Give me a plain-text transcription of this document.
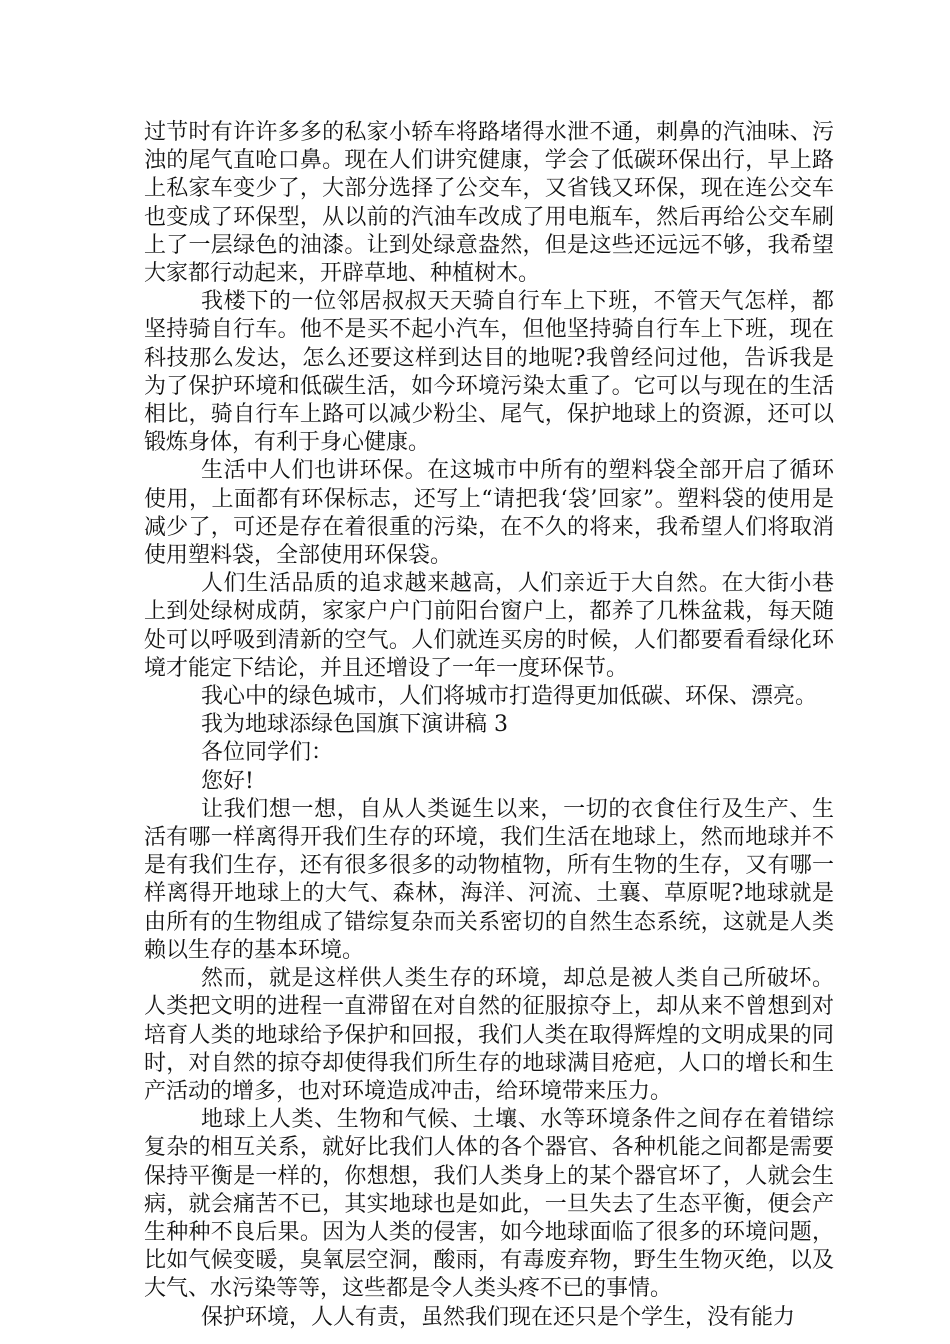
过节时有许许多多的私家小轿车将路堵得水泄不通，刺鼻的汽油味、污浊的尾气直呛口鼻。现在人们讲究健康，学会了低碳环保出行，早上路上私家车变少了，大部分选择了公交车，又省钱又环保，现在连公交车也变成了环保型，从以前的汽油车改成了用电瓶车，然后再给公交车刷上了一层绿色的油漆。让到处绿意盎然，但是这些还远远不够，我希望大家都行动起来，开辟草地、种植树木。

我楼下的一位邻居叔叔天天骑自行车上下班，不管天气怎样，都坚持骑自行车。他不是买不起小汽车，但他坚持骑自行车上下班，现在科技那么发达，怎么还要这样到达目的地呢?我曾经问过他，告诉我是为了保护环境和低碳生活，如今环境污染太重了。它可以与现在的生活相比，骑自行车上路可以减少粉尘、尾气，保护地球上的资源，还可以锻炼身体，有利于身心健康。

生活中人们也讲环保。在这城市中所有的塑料袋全部开启了循环使用，上面都有环保标志，还写上“请把我‘袋’回家”。塑料袋的使用是减少了，可还是存在着很重的污染，在不久的将来，我希望人们将取消使用塑料袋，全部使用环保袋。

人们生活品质的追求越来越高，人们亲近于大自然。在大街小巷上到处绿树成荫，家家户户门前阳台窗户上，都养了几株盆栽，每天随处可以呼吸到清新的空气。人们就连买房的时候，人们都要看看绿化环境才能定下结论，并且还增设了一年一度环保节。

我心中的绿色城市，人们将城市打造得更加低碳、环保、漂亮。

我为地球添绿色国旗下演讲稿 3

各位同学们：

您好!

让我们想一想，自从人类诞生以来，一切的衣食住行及生产、生活有哪一样离得开我们生存的环境，我们生活在地球上，然而地球并不是有我们生存，还有很多很多的动物植物，所有生物的生存，又有哪一样离得开地球上的大气、森林，海洋、河流、土襄、草原呢?地球就是由所有的生物组成了错综复杂而关系密切的自然生态系统，这就是人类赖以生存的基本环境。

然而，就是这样供人类生存的环境，却总是被人类自己所破坏。人类把文明的进程一直滞留在对自然的征服掠夺上，却从来不曾想到对培育人类的地球给予保护和回报，我们人类在取得辉煌的文明成果的同时，对自然的掠夺却使得我们所生存的地球满目疮疤，人口的增长和生产活动的增多，也对环境造成冲击，给环境带来压力。

地球上人类、生物和气候、土壤、水等环境条件之间存在着错综复杂的相互关系，就好比我们人体的各个器官、各种机能之间都是需要保持平衡是一样的，你想想，我们人类身上的某个器官坏了，人就会生病，就会痛苦不已，其实地球也是如此，一旦失去了生态平衡，便会产生种种不良后果。因为人类的侵害，如今地球面临了很多的环境问题，比如气候变暖，臭氧层空洞，酸雨，有毒废弃物，野生生物灭绝，以及大气、水污染等等，这些都是令人类头疼不已的事情。

保护环境，人人有责，虽然我们现在还只是个学生，没有能力
